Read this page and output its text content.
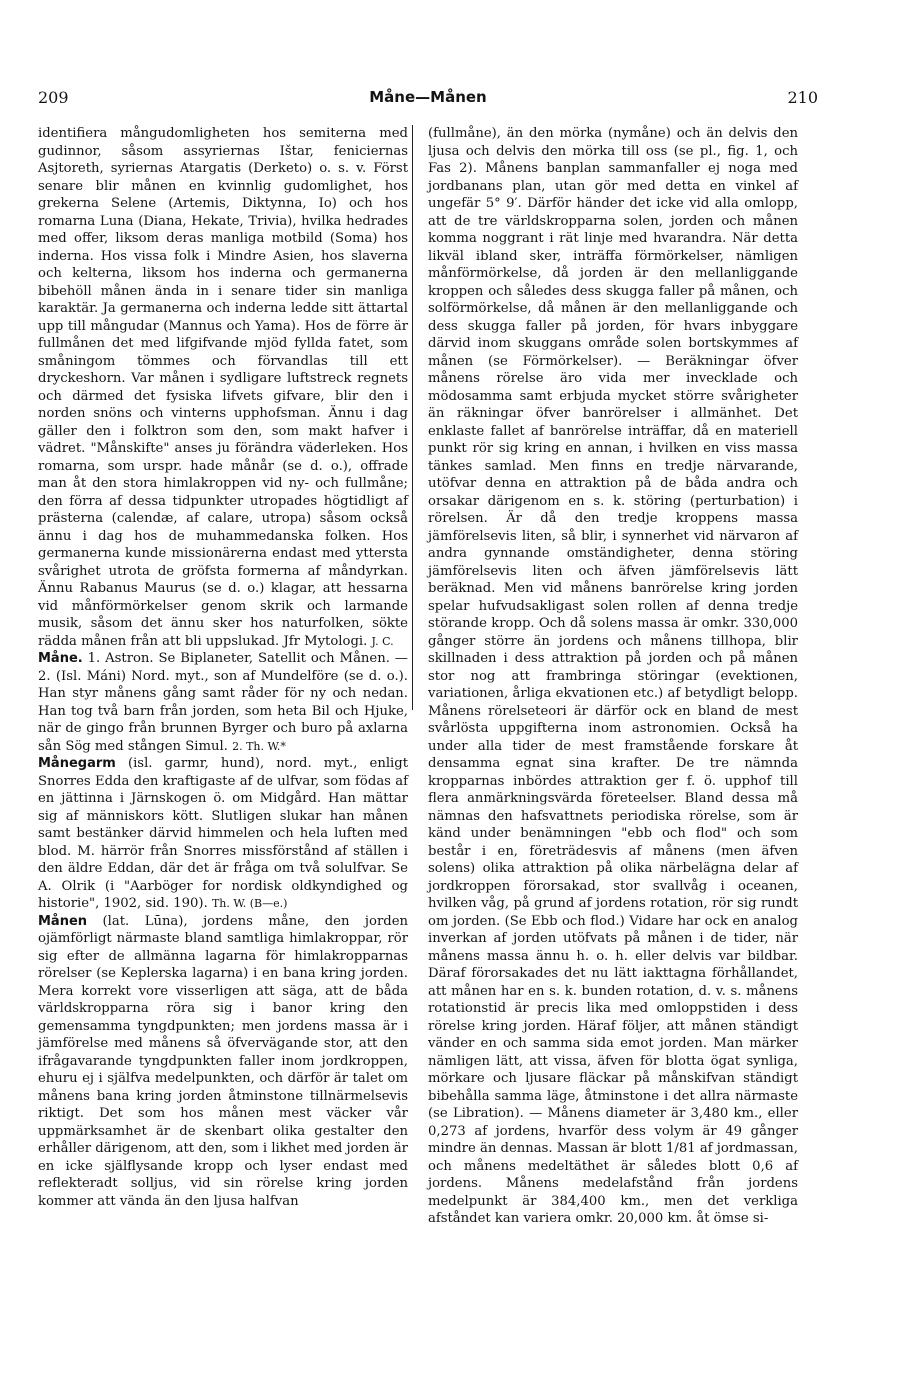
209	Måne—Månen	210

identifiera mångudomligheten hos semiterna med gudinnor, såsom assyriernas Ištar, feniciernas Asjtoreth, syriernas Atargatis (Derketo) o. s. v. Först senare blir månen en kvinnlig gudomlighet, hos grekerna Selene (Artemis, Diktynna, Io) och hos romarna Luna (Diana, Hekate, Trivia), hvilka hedrades med offer, liksom deras manliga motbild (Soma) hos inderna. Hos vissa folk i Mindre Asien, hos slaverna och kelterna, liksom hos inderna och germanerna bibehöll månen ända in i senare tider sin manliga karaktär. Ja germanerna och inderna ledde sitt ättartal upp till mångudar (Mannus och Yama). Hos de förre är fullmånen det med lifgifvande mjöd fyllda fatet, som småningom tömmes och förvandlas till ett dryckeshorn. Var månen i sydligare luftstreck regnets och därmed det fysiska lifvets gifvare, blir den i norden snöns och vinterns upphofsman. Ännu i dag gäller den i folktron som den, som makt hafver i vädret. "Månskifte" anses ju förändra väderleken. Hos romarna, som urspr. hade månår (se d. o.), offrade man åt den stora himlakroppen vid ny- och fullmåne; den förra af dessa tidpunkter utropades högtidligt af prästerna (calendæ, af calare, utropa) såsom också ännu i dag hos de muhammedanska folken. Hos germanerna kunde missionärerna endast med yttersta svårighet utrota de gröfsta formerna af måndyrkan. Ännu Rabanus Maurus (se d. o.) klagar, att hessarna vid månförmörkelser genom skrik och larmande musik, såsom det ännu sker hos naturfolken, sökte rädda månen från att bli uppslukad. Jfr Mytologi. J. C.

Måne. 1. Astron. Se Biplaneter, Satellit och Månen. — 2. (Isl. Máni) Nord. myt., son af Mundelföre (se d. o.). Han styr månens gång samt råder för ny och nedan. Han tog två barn från jorden, som heta Bil och Hjuke, när de gingo från brunnen Byrger och buro på axlarna sån Sög med stången Simul. 2. Th. W.*

Månegarm (isl. garmr, hund), nord. myt., enligt Snorres Edda den kraftigaste af de ulfvar, som födas af en jättinna i Järnskogen ö. om Midgård. Han mättar sig af människors kött. Slutligen slukar han månen samt bestänker därvid himmelen och hela luften med blod. M. härrör från Snorres missförstånd af ställen i den äldre Eddan, där det är fråga om två solulfvar. Se A. Olrik (i "Aarböger for nordisk oldkyndighed og historie", 1902, sid. 190). Th. W. (B—e.)

Månen (lat. Lūna), jordens måne, den jorden ojämförligt närmaste bland samtliga himlakroppar, rör sig efter de allmänna lagarna för himlakropparnas rörelser (se Keplerska lagarna) i en bana kring jorden. Mera korrekt vore visserligen att säga, att de båda världskropparna röra sig i banor kring den gemensamma tyngdpunkten; men jordens massa är i jämförelse med månens så öfvervägande stor, att den ifrågavarande tyngdpunkten faller inom jordkroppen, ehuru ej i själfva medelpunkten, och därför är talet om månens bana kring jorden åtminstone tillnärmelsevis riktigt. Det som hos månen mest väcker vår uppmärksamhet är de skenbart olika gestalter den erhåller därigenom, att den, som i likhet med jorden är en icke själflysande kropp och lyser endast med reflekteradt solljus, vid sin rörelse kring jorden kommer att vända än den ljusa halfvan

(fullmåne), än den mörka (nymåne) och än delvis den ljusa och delvis den mörka till oss (se pl., fig. 1, och Fas 2). Månens banplan sammanfaller ej noga med jordbanans plan, utan gör med detta en vinkel af ungefär 5° 9′. Därför händer det icke vid alla omlopp, att de tre världskropparna solen, jorden och månen komma noggrant i rät linje med hvarandra. När detta likväl ibland sker, inträffa förmörkelser, nämligen månförmörkelse, då jorden är den mellanliggande kroppen och således dess skugga faller på månen, och solförmörkelse, då månen är den mellanliggande och dess skugga faller på jorden, för hvars inbyggare därvid inom skuggans område solen bortskymmes af månen (se Förmörkelser). — Beräkningar öfver månens rörelse äro vida mer invecklade och mödosamma samt erbjuda mycket större svårigheter än räkningar öfver banrörelser i allmänhet. Det enklaste fallet af banrörelse inträffar, då en materiell punkt rör sig kring en annan, i hvilken en viss massa tänkes samlad. Men finns en tredje närvarande, utöfvar denna en attraktion på de båda andra och orsakar därigenom en s. k. störing (perturbation) i rörelsen. Är då den tredje kroppens massa jämförelsevis liten, så blir, i synnerhet vid närvaron af andra gynnande omständigheter, denna störing jämförelsevis liten och äfven jämförelsevis lätt beräknad. Men vid månens banrörelse kring jorden spelar hufvudsakligast solen rollen af denna tredje störande kropp. Och då solens massa är omkr. 330,000 gånger större än jordens och månens tillhopa, blir skillnaden i dess attraktion på jorden och på månen stor nog att frambringa störingar (evektionen, variationen, årliga ekvationen etc.) af betydligt belopp. Månens rörelseteori är därför ock en bland de mest svårlösta uppgifterna inom astronomien. Också ha under alla tider de mest framstående forskare åt densamma egnat sina krafter. De tre nämnda kropparnas inbördes attraktion ger f. ö. upphof till flera anmärkningsvärda företeelser. Bland dessa må nämnas den hafsvattnets periodiska rörelse, som är känd under benämningen "ebb och flod" och som består i en, företrädesvis af månens (men äfven solens) olika attraktion på olika närbelägna delar af jordkroppen förorsakad, stor svallvåg i oceanen, hvilken våg, på grund af jordens rotation, rör sig rundt om jorden. (Se Ebb och flod.) Vidare har ock en analog inverkan af jorden utöfvats på månen i de tider, när månens massa ännu h. o. h. eller delvis var bildbar. Däraf förorsakades det nu lätt iakttagna förhållandet, att månen har en s. k. bunden rotation, d. v. s. månens rotationstid är precis lika med omloppstiden i dess rörelse kring jorden. Häraf följer, att månen ständigt vänder en och samma sida emot jorden. Man märker nämligen lätt, att vissa, äfven för blotta ögat synliga, mörkare och ljusare fläckar på månskifvan ständigt bibehålla samma läge, åtminstone i det allra närmaste (se Libration). — Månens diameter är 3,480 km., eller 0,273 af jordens, hvarför dess volym är 49 gånger mindre än dennas. Massan är blott 1/81 af jordmassan, och månens medeltäthet är således blott 0,6 af jordens. Månens medelafstånd från jordens medelpunkt är 384,400 km., men det verkliga afståndet kan variera omkr. 20,000 km. åt ömse si-
